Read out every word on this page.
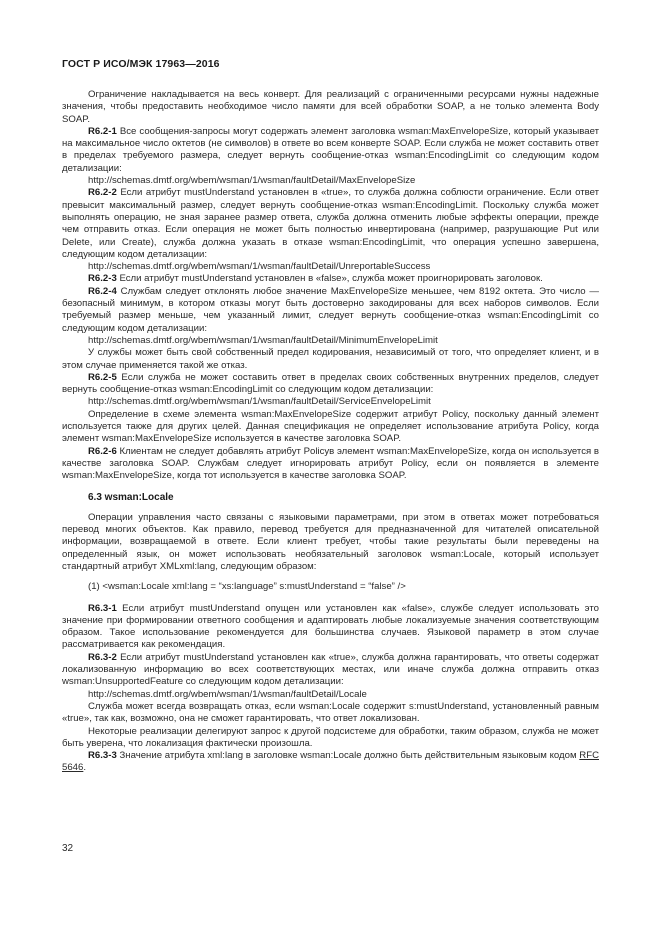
ГОСТ Р ИСО/МЭК 17963—2016

Ограничение накладывается на весь конверт. Для реализаций с ограниченными ресурсами нужны надежные значения, чтобы предоставить необходимое число памяти для всей обработки SOAP, а не только элемента Body SOAP.

R6.2-1 Все сообщения-запросы могут содержать элемент заголовка wsman:MaxEnvelopeSize, который указывает на максимальное число октетов (не символов) в ответе во всем конверте SOAP. Если служба не может составить ответ в пределах требуемого размера, следует вернуть сообщение-отказ wsman:EncodingLimit со следующим кодом детализации:

http://schemas.dmtf.org/wbem/wsman/1/wsman/faultDetail/MaxEnvelopeSize

R6.2-2 Если атрибут mustUnderstand установлен в «true», то служба должна соблюсти ограничение. Если ответ превысит максимальный размер, следует вернуть сообщение-отказ wsman:EncodingLimit. Поскольку служба может выполнять операцию, не зная заранее размер ответа, служба должна отменить любые эффекты операции, прежде чем отправить отказ. Если операция не может быть полностью инвертирована (например, разрушающие Put или Delete, или Create), служба должна указать в отказе wsman:EncodingLimit, что операция успешно завершена, следующим кодом детализации:

http://schemas.dmtf.org/wbem/wsman/1/wsman/faultDetail/UnreportableSuccess

R6.2-3 Если атрибут mustUnderstand установлен в «false», служба может проигнорировать заголовок.

R6.2-4 Службам следует отклонять любое значение MaxEnvelopeSize меньшее, чем 8192 октета. Это число — безопасный минимум, в котором отказы могут быть достоверно закодированы для всех наборов символов. Если требуемый размер меньше, чем указанный лимит, следует вернуть сообщение-отказ wsman:EncodingLimit со следующим кодом детализации:

http://schemas.dmtf.org/wbem/wsman/1/wsman/faultDetail/MinimumEnvelopeLimit

У службы может быть свой собственный предел кодирования, независимый от того, что определяет клиент, и в этом случае применяется такой же отказ.

R6.2-5 Если служба не может составить ответ в пределах своих собственных внутренних пределов, следует вернуть сообщение-отказ wsman:EncodingLimit со следующим кодом детализации:

http://schemas.dmtf.org/wbem/wsman/1/wsman/faultDetail/ServiceEnvelopeLimit

Определение в схеме элемента wsman:MaxEnvelopeSize содержит атрибут Policy, поскольку данный элемент используется также для других целей. Данная спецификация не определяет использование атрибута Policy, когда элемент wsman:MaxEnvelopeSize используется в качестве заголовка SOAP.

R6.2-6 Клиентам не следует добавлять атрибут Policyв элемент wsman:MaxEnvelopeSize, когда он используется в качестве заголовка SOAP. Службам следует игнорировать атрибут Policy, если он появляется в элементе wsman:MaxEnvelopeSize, когда тот используется в качестве заголовка SOAP.

6.3 wsman:Locale

Операции управления часто связаны с языковыми параметрами, при этом в ответах может потребоваться перевод многих объектов. Как правило, перевод требуется для предназначенной для читателей описательной информации, возвращаемой в ответе. Если клиент требует, чтобы такие результаты были переведены на определенный язык, он может использовать необязательный заголовок wsman:Locale, который использует стандартный атрибут XMLxml:lang, следующим образом:

(1) <wsman:Locale xml:lang = “xs:language” s:mustUnderstand = “false” />

R6.3-1 Если атрибут mustUnderstand опущен или установлен как «false», службе следует использовать это значение при формировании ответного сообщения и адаптировать любые локализуемые значения соответствующим образом. Такое использование рекомендуется для большинства случаев. Языковой параметр в этом случае рассматривается как рекомендация.

R6.3-2 Если атрибут mustUnderstand установлен как «true», служба должна гарантировать, что ответы содержат локализованную информацию во всех соответствующих местах, или иначе служба должна отправить отказ wsman:UnsupportedFeature со следующим кодом детализации:

http://schemas.dmtf.org/wbem/wsman/1/wsman/faultDetail/Locale

Служба может всегда возвращать отказ, если wsman:Locale содержит s:mustUnderstand, установленный равным «true», так как, возможно, она не сможет гарантировать, что ответ локализован.

Некоторые реализации делегируют запрос к другой подсистеме для обработки, таким образом, служба не может быть уверена, что локализация фактически произошла.

R6.3-3 Значение атрибута xml:lang в заголовке wsman:Locale должно быть действительным языковым кодом RFC 5646.

32
